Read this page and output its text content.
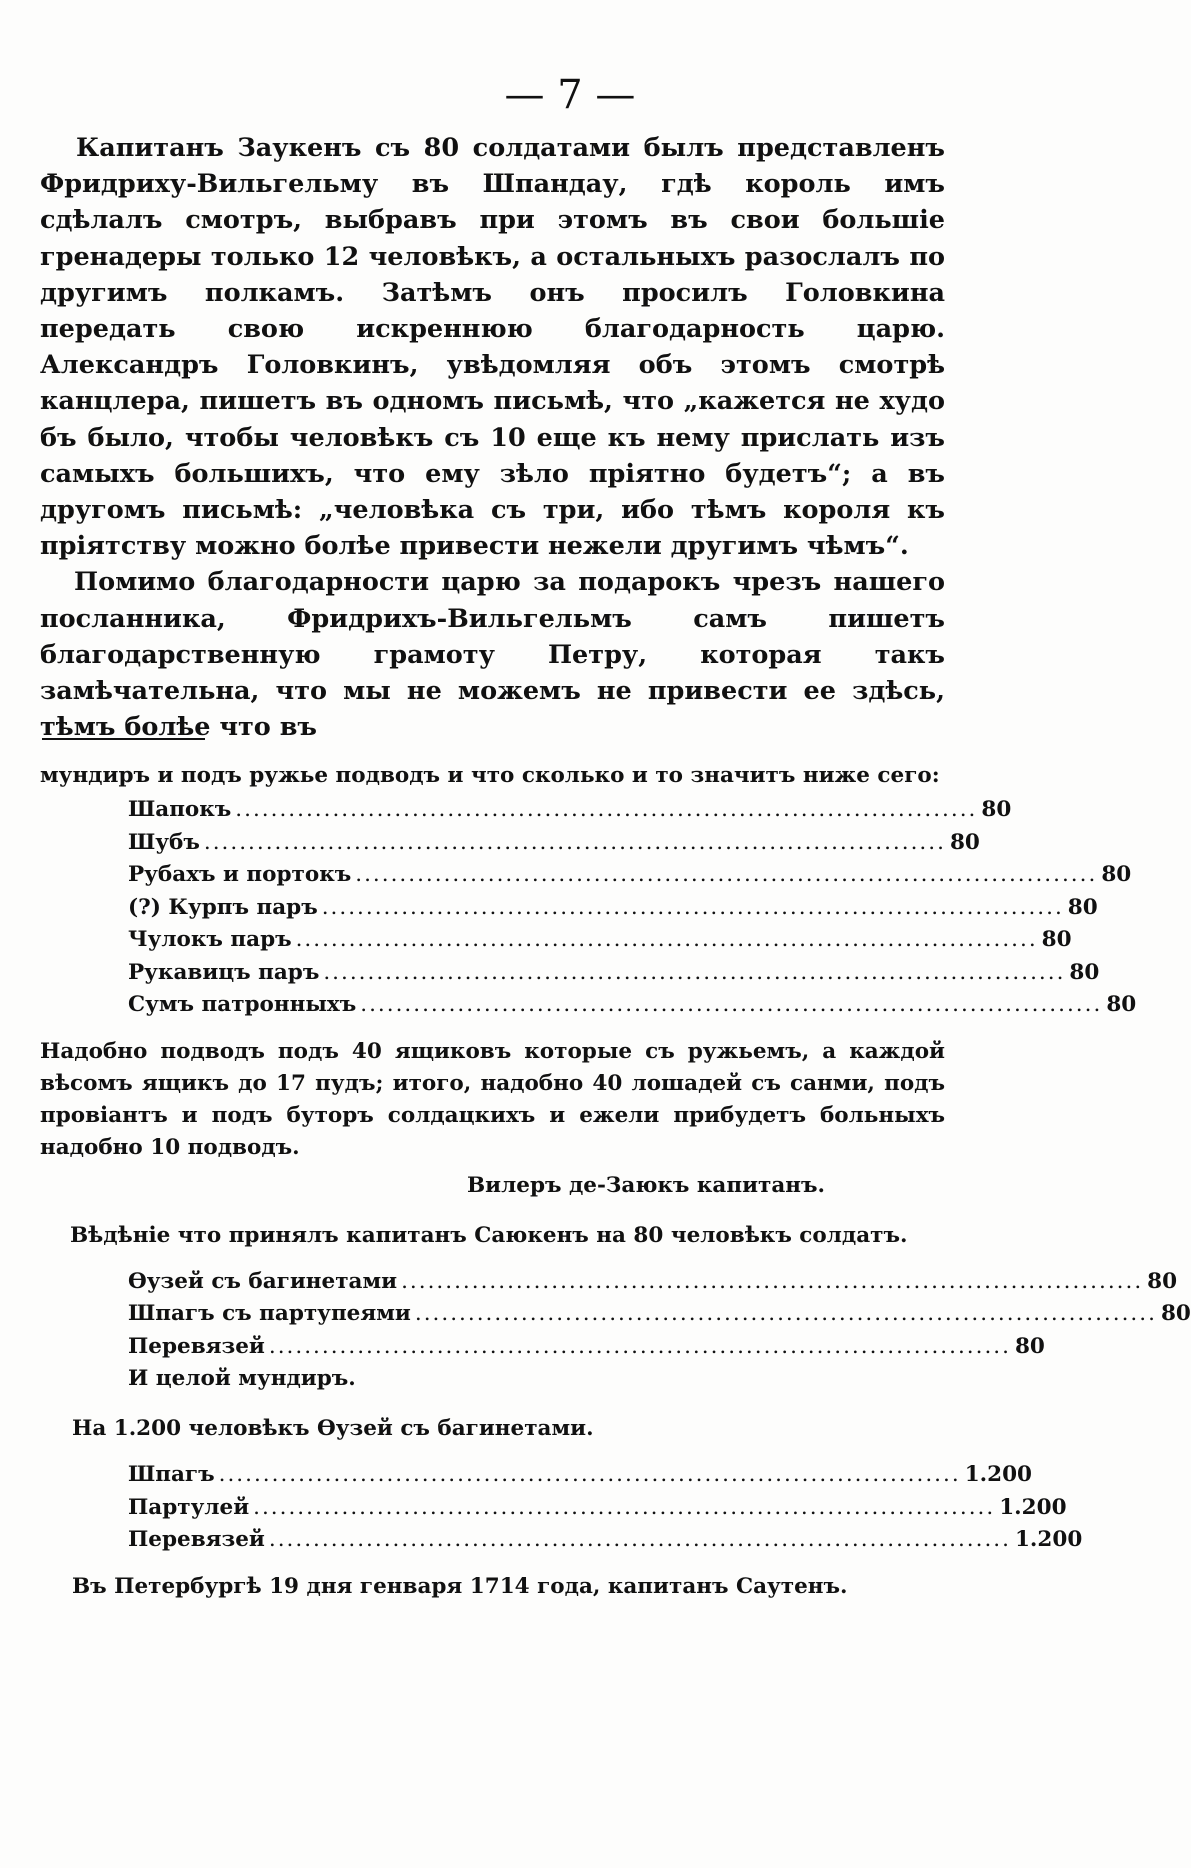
— 7 —

Капитанъ Заукенъ съ 80 солдатами былъ представленъ Фридриху-Вильгельму въ Шпандау, гдѣ король имъ сдѣлалъ смотръ, выбравъ при этомъ въ свои большіе гренадеры только 12 человѣкъ, а остальныхъ разослалъ по другимъ полкамъ. Затѣмъ онъ просилъ Головкина передать свою искреннюю благодарность царю. Александръ Головкинъ, увѣдомляя объ этомъ смотрѣ канцлера, пишетъ въ одномъ письмѣ, что „кажется не худо бъ было, чтобы человѣкъ съ 10 еще къ нему прислать изъ самыхъ большихъ, что ему зѣло пріятно будетъ“; а въ другомъ письмѣ: „человѣка съ три, ибо тѣмъ короля къ пріятству можно болѣе привести нежели другимъ чѣмъ“.

Помимо благодарности царю за подарокъ чрезъ нашего посланника, Фридрихъ-Вильгельмъ самъ пишетъ благодарственную грамоту Петру, которая такъ замѣчательна, что мы не можемъ не привести ее здѣсь, тѣмъ болѣе что въ

мундиръ и подъ ружье подводъ и что сколько и то значитъ ниже сего:

Шапокъ .................................................................................... 80
Шубъ .................................................................................... 80
Рубахъ и портокъ .................................................................................... 80
(?) Курпъ паръ .................................................................................... 80
Чулокъ паръ .................................................................................... 80
Рукавицъ паръ .................................................................................... 80
Сумъ патронныхъ .................................................................................... 80

Надобно подводъ подъ 40 ящиковъ которые съ ружьемъ, а каждой вѣсомъ ящикъ до 17 пудъ; итого, надобно 40 лошадей съ санми, подъ провіантъ и подъ буторъ солдацкихъ и ежели прибудетъ больныхъ надобно 10 подводъ.

Вилеръ де-Заюкъ капитанъ.

Вѣдѣніе что принялъ капитанъ Саюкенъ на 80 человѣкъ солдатъ.

Ѳузей съ багинетами .................................................................................... 80
Шпагъ съ партупеями .................................................................................... 80
Перевязей .................................................................................... 80
И целой мундиръ.

На 1.200 человѣкъ Ѳузей съ багинетами.

Шпагъ .................................................................................... 1.200
Партулей .................................................................................... 1.200
Перевязей .................................................................................... 1.200

Въ Петербургѣ 19 дня генваря 1714 года, капитанъ Саутенъ.
